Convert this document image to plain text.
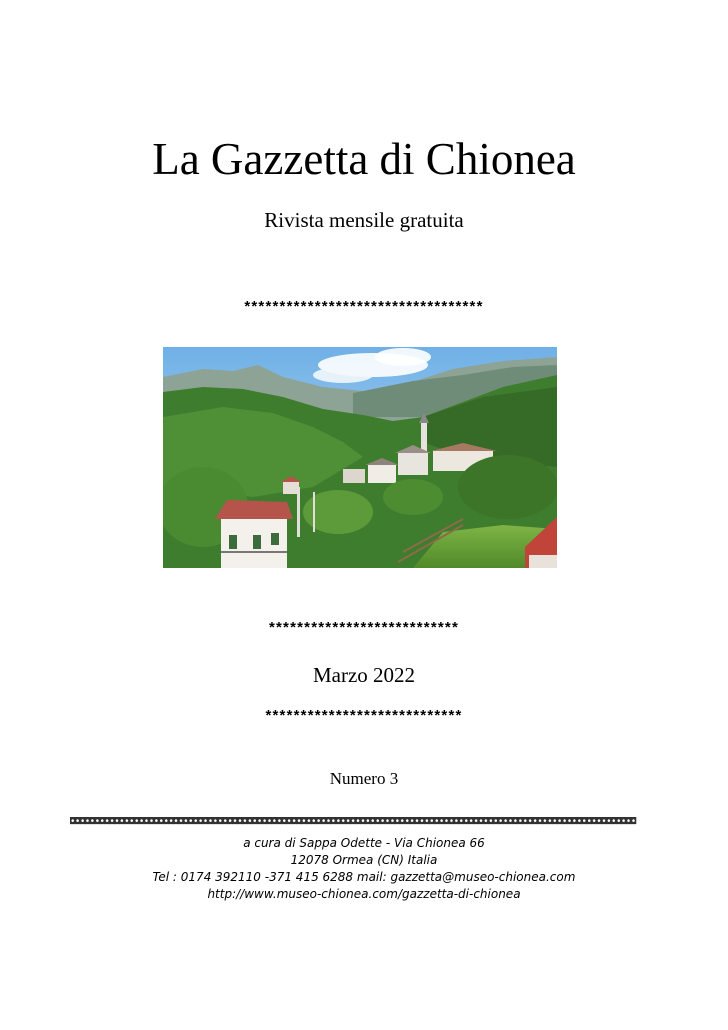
La Gazzetta di Chionea
Rivista mensile gratuita
**********************************
***************************
Marzo 2022
****************************
Numero 3
◘◘◘◘◘◘◘◘◘◘◘◘◘◘◘◘◘◘◘◘◘◘◘◘◘◘◘◘◘◘◘◘◘◘◘◘◘◘◘◘◘◘◘◘◘◘◘◘◘◘◘◘◘◘◘◘◘◘◘◘◘◘◘◘◘◘◘◘◘◘◘◘◘◘◘◘◘◘◘◘◘◘◘◘◘◘◘◘◘◘◘◘◘◘◘◘◘◘◘◘◘◘◘◘◘◘◘◘◘◘◘◘◘◘◘
a cura di Sappa Odette - Via Chionea 66
12078 Ormea (CN) Italia
Tel : 0174 392110 -371 415 6288 mail: gazzetta@museo-chionea.com
http://www.museo-chionea.com/gazzetta-di-chionea
